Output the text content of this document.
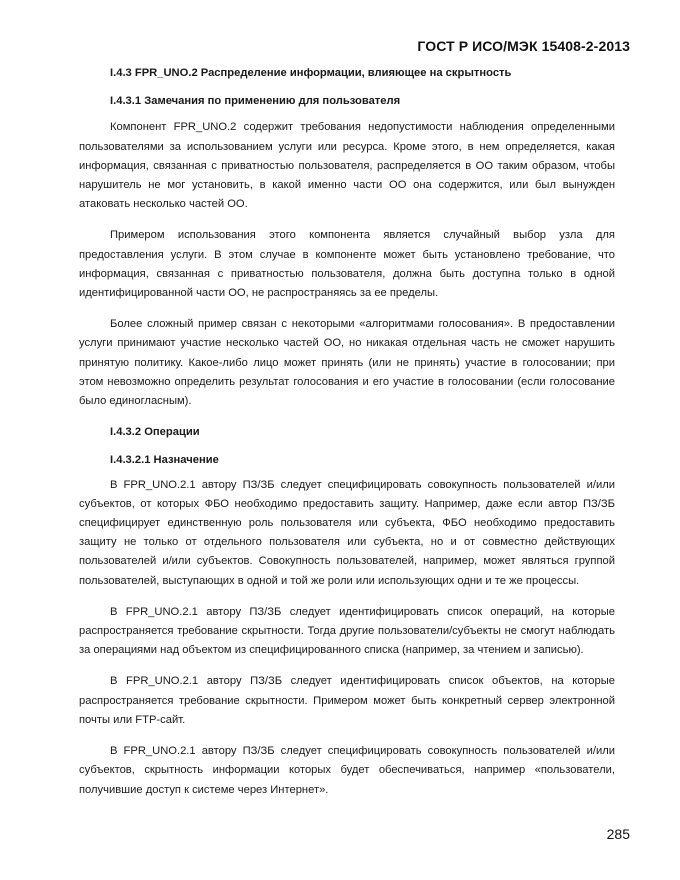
ГОСТ Р ИСО/МЭК 15408-2-2013

I.4.3 FPR_UNO.2 Распределение информации, влияющее на скрытность

I.4.3.1 Замечания по применению для пользователя

Компонент FPR_UNO.2 содержит требования недопустимости наблюдения определенными пользователями за использованием услуги или ресурса. Кроме этого, в нем определяется, какая информация, связанная с приватностью пользователя, распределяется в ОО таким образом, чтобы нарушитель не мог установить, в какой именно части ОО она содержится, или был вынужден атаковать несколько частей ОО.

Примером использования этого компонента является случайный выбор узла для предоставления услуги. В этом случае в компоненте может быть установлено требование, что информация, связанная с приватностью пользователя, должна быть доступна только в одной идентифицированной части ОО, не распространяясь за ее пределы.

Более сложный пример связан с некоторыми «алгоритмами голосования». В предоставлении услуги принимают участие несколько частей ОО, но никакая отдельная часть не сможет нарушить принятую политику. Какое-либо лицо может принять (или не принять) участие в голосовании; при этом невозможно определить результат голосования и его участие в голосовании (если голосование было единогласным).

I.4.3.2 Операции

I.4.3.2.1 Назначение

В FPR_UNO.2.1 автору ПЗ/ЗБ следует специфицировать совокупность пользователей и/или субъектов, от которых ФБО необходимо предоставить защиту. Например, даже если автор ПЗ/ЗБ специфицирует единственную роль пользователя или субъекта, ФБО необходимо предоставить защиту не только от отдельного пользователя или субъекта, но и от совместно действующих пользователей и/или субъектов. Совокупность пользователей, например, может являться группой пользователей, выступающих в одной и той же роли или использующих одни и те же процессы.

В FPR_UNO.2.1 автору ПЗ/ЗБ следует идентифицировать список операций, на которые распространяется требование скрытности. Тогда другие пользователи/субъекты не смогут наблюдать за операциями над объектом из специфицированного списка (например, за чтением и записью).

В FPR_UNO.2.1 автору ПЗ/ЗБ следует идентифицировать список объектов, на которые распространяется требование скрытности. Примером может быть конкретный сервер электронной почты или FTP-сайт.

В FPR_UNO.2.1 автору ПЗ/ЗБ следует специфицировать совокупность пользователей и/или субъектов, скрытность информации которых будет обеспечиваться, например «пользователи, получившие доступ к системе через Интернет».

285
